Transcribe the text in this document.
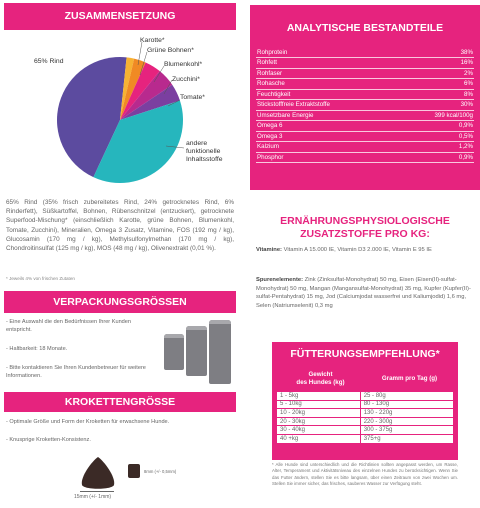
ZUSAMMENSETZUNG
65% Rind
Karotte*
Grüne Bohnen*
Blumenkohl*
Zucchini*
Tomate*
andere
funktionelle
Inhaltsstoffe

65% Rind (35% frisch zubereitetes Rind, 24% getrocknetes Rind, 6% Rinderfett), Süßkartoffel, Bohnen, Rübenschnitzel (entzuckert), getrocknete Superfood-Mischung* (einschließlich Karotte, grüne Bohnen, Blumenkohl, Tomate, Zucchini), Mineralien, Omega 3 Zusatz, Vitamine, FOS (192 mg / kg), Glucosamin (170 mg / kg), Methylsulfonylmethan (170 mg / kg), Chondroitinsulfat (125 mg / kg), MOS (48 mg / kg), Olivenextrakt (0,01 %).

* Jeweils 4% von frischen Zutaten
VERPACKUNGSGRÖSSEN
- Eine Auswahl die den Bedürfnissen Ihrer Kunden entspricht.
- Haltbarkeit: 18 Monate.
- Bitte kontaktieren Sie Ihren Kundenbetreuer für weitere Informationen.
KROKETTENGRÖSSE
- Optimale Größe und Form der Kroketten für erwachsene Hunde.
- Knusprige Kroketten-Konsistenz.
8mm (+/- 0,5mm)
15mm (+/- 1mm)
ANALYTISCHE BESTANDTEILE
Rohprotein	38%
Rohfett	16%
Rohfaser	2%
Rohasche	6%
Feuchtigkeit	8%
Stickstofffreie Extraktstoffe	30%
Umsetzbare Energie	399 kcal/100g
Omega 6	0,9%
Omega 3	0,5%
Kalzium	1,2%
Phosphor	0,9%
ERNÄHRUNGSPHYSIOLOGISCHE
ZUSATZSTOFFE PRO KG:

Vitamine: Vitamin A 15.000 IE, Vitamin D3 2.000 IE, Vitamin E 95 IE

Spurenelemente: Zink (Zinksulfat-Monohydrat) 50 mg, Eisen (Eisen(II)-sulfat-Monohydrat) 50 mg, Mangan (Mangansulfat-Monohydrat) 35 mg, Kupfer (Kupfer(II)-sulfat-Pentahydrat) 15 mg, Jod (Calciumjodat wasserfrei und Kaliumjodid) 1,6 mg, Selen (Natriumselenit) 0,3 mg

FÜTTERUNGSEMPFEHLUNG*
Gewicht
des Hundes (kg)
Gramm pro Tag (g)
1 - 5kg	25 - 80g
5 - 10kg	80 - 130g
10 - 20kg	130 - 220g
20 - 30kg	220 - 300g
30 - 40kg	300 - 375g
40 +kg	375+g

* Alle Hunde sind unterschiedlich und die Richtlinien sollten angepasst werden, um Rasse, Alter, Temperament und Aktivitätsniveau des einzelnen Hundes zu berücksichtigen. Wenn Sie das Futter ändern, stellen Sie es bitte langsam, über einen Zeitraum von zwei Wochen um. Stellen Sie immer sicher, das frisches, sauberes Wasser zur Verfügung steht.
